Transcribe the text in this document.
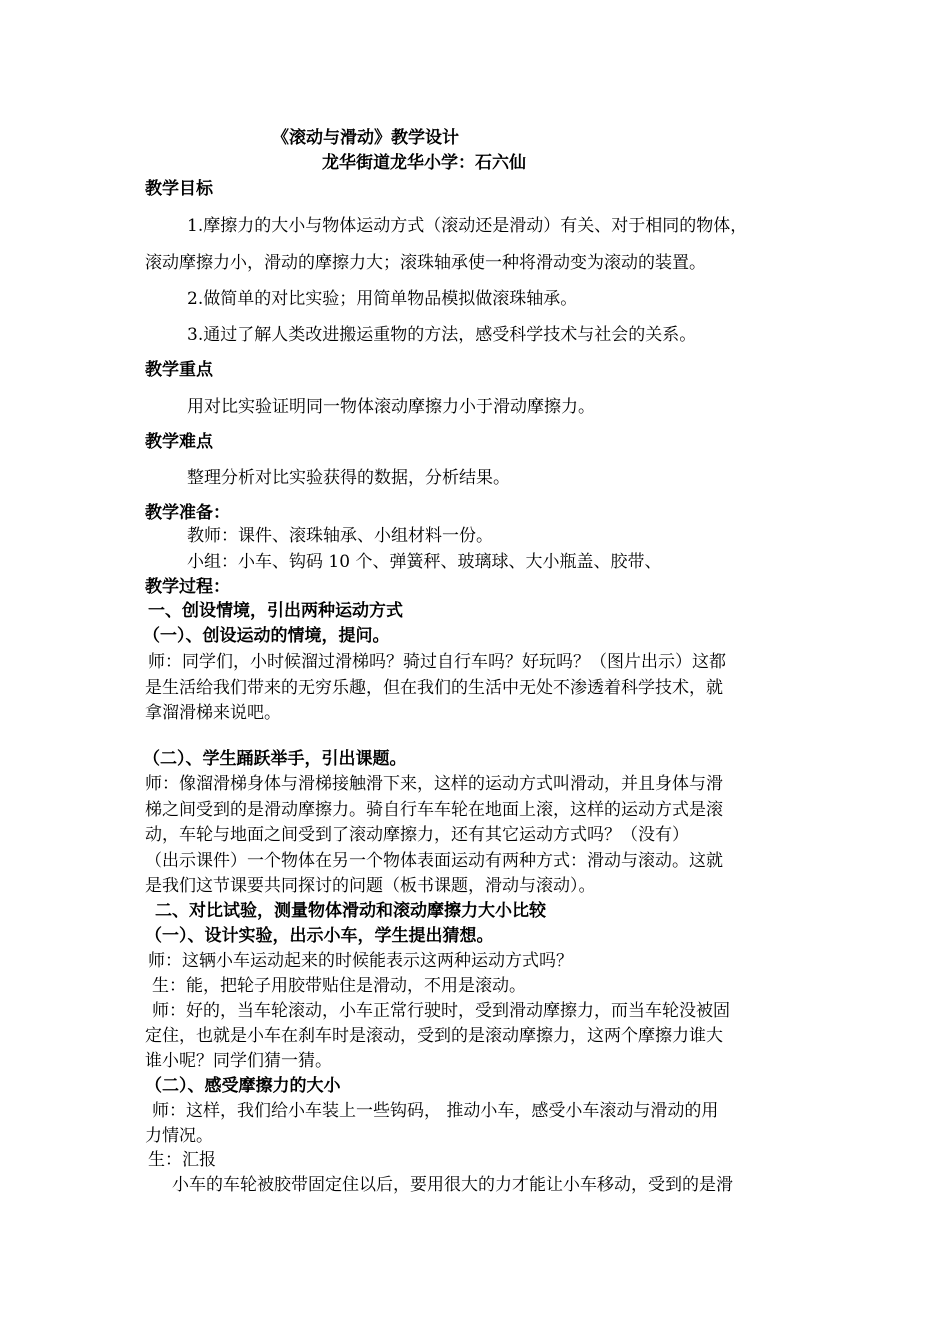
《滚动与滑动》教学设计
龙华街道龙华小学：石六仙
教学目标
1.摩擦力的大小与物体运动方式（滚动还是滑动）有关、对于相同的物体，
滚动摩擦力小，滑动的摩擦力大；滚珠轴承使一种将滑动变为滚动的装置。
2.做简单的对比实验；用简单物品模拟做滚珠轴承。
3.通过了解人类改进搬运重物的方法，感受科学技术与社会的关系。
教学重点
用对比实验证明同一物体滚动摩擦力小于滑动摩擦力。
教学难点
整理分析对比实验获得的数据，分析结果。
教学准备：
教师：课件、滚珠轴承、小组材料一份。
小组：小车、钩码 10 个、弹簧秤、玻璃球、大小瓶盖、胶带、
教学过程：
一、创设情境，引出两种运动方式
（一）、创设运动的情境，提问。
师：同学们，小时候溜过滑梯吗？骑过自行车吗？好玩吗？（图片出示）这都
是生活给我们带来的无穷乐趣，但在我们的生活中无处不渗透着科学技术，就
拿溜滑梯来说吧。
（二）、学生踊跃举手，引出课题。
师：像溜滑梯身体与滑梯接触滑下来，这样的运动方式叫滑动，并且身体与滑
梯之间受到的是滑动摩擦力。骑自行车车轮在地面上滚，这样的运动方式是滚
动，车轮与地面之间受到了滚动摩擦力，还有其它运动方式吗？（没有）
（出示课件）一个物体在另一个物体表面运动有两种方式：滑动与滚动。这就
是我们这节课要共同探讨的问题（板书课题，滑动与滚动）。
二、对比试验，测量物体滑动和滚动摩擦力大小比较
（一）、设计实验，出示小车，学生提出猜想。
师：这辆小车运动起来的时候能表示这两种运动方式吗？
生：能，把轮子用胶带贴住是滑动，不用是滚动。
师：好的，当车轮滚动，小车正常行驶时，受到滑动摩擦力，而当车轮没被固
定住，也就是小车在刹车时是滚动，受到的是滚动摩擦力，这两个摩擦力谁大
谁小呢？同学们猜一猜。
（二）、感受摩擦力的大小
师：这样，我们给小车装上一些钩码， 推动小车，感受小车滚动与滑动的用
力情况。
生：汇报
小车的车轮被胶带固定住以后，要用很大的力才能让小车移动，受到的是滑
